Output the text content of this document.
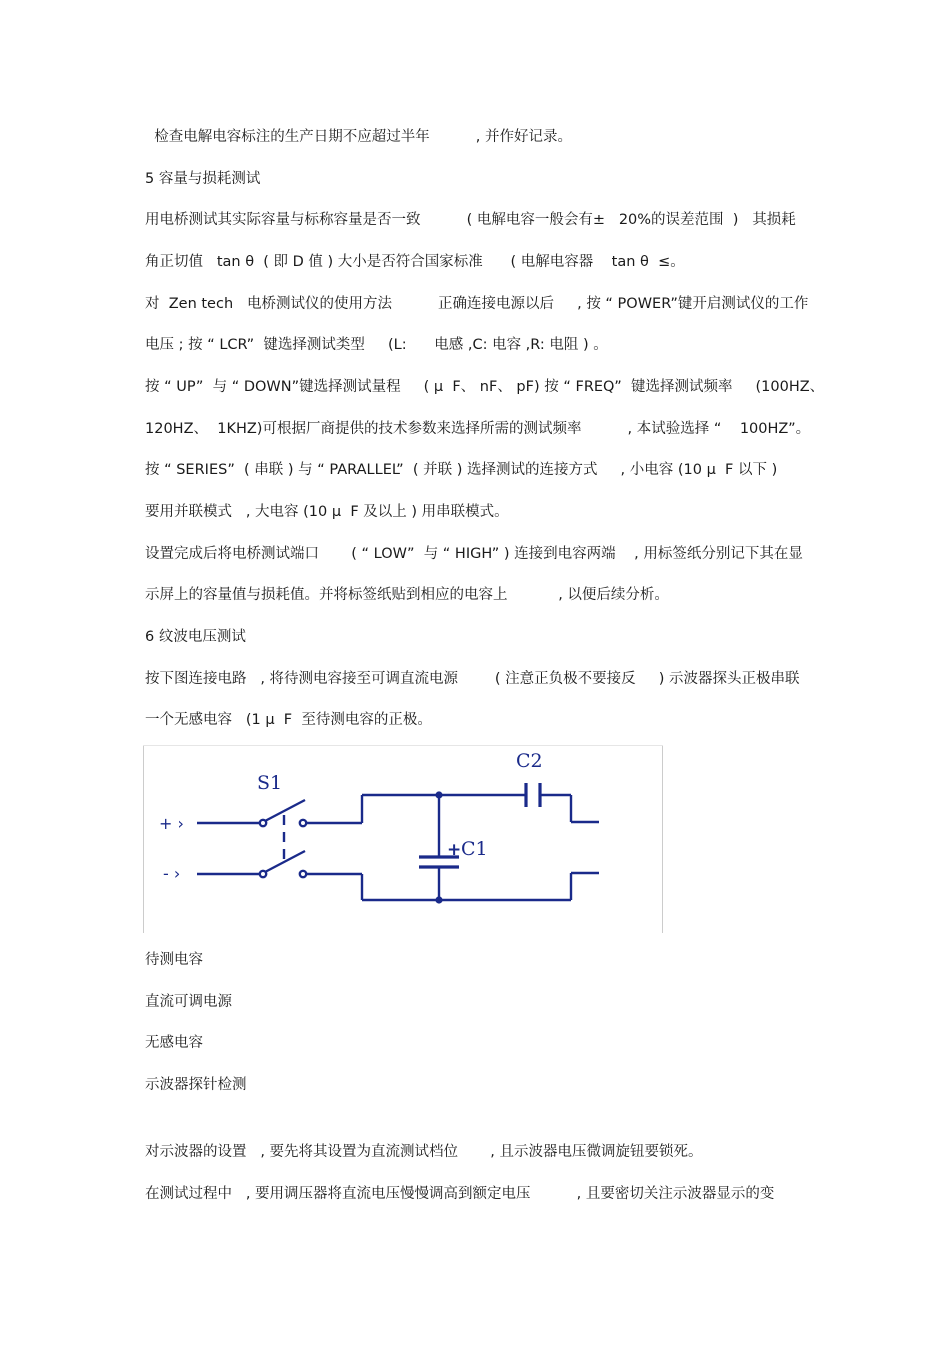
检查电解电容标注的生产日期不应超过半年          , 并作好记录。
5 容量与损耗测试
用电桥测试其实际容量与标称容量是否一致          ( 电解电容一般会有±   20%的误差范围  )   其损耗
角正切值   tan θ  ( 即 D 值 ) 大小是否符合国家标准      ( 电解电容器    tan θ  ≤。
对  Zen tech   电桥测试仪的使用方法          正确连接电源以后     , 按 “ POWER”键开启测试仪的工作
电压 ; 按 “ LCR”  键选择测试类型     (L:      电感 ,C: 电容 ,R: 电阻 ) 。
按 “ UP”  与 “ DOWN”键选择测试量程     ( μ  F、 nF、 pF) 按 “ FREQ”  键选择测试频率     (100HZ、
120HZ、  1KHZ)可根据厂商提供的技术参数来选择所需的测试频率          , 本试验选择 “    100HZ”。
按 “ SERIES”  ( 串联 ) 与 “ PARALLEL”  ( 并联 ) 选择测试的连接方式     , 小电容 (10 μ  F 以下 )
要用并联模式   , 大电容 (10 μ  F 及以上 ) 用串联模式。
设置完成后将电桥测试端口       ( “ LOW”  与 “ HIGH” ) 连接到电容两端    , 用标签纸分别记下其在显
示屏上的容量值与损耗值。并将标签纸贴到相应的电容上           , 以便后续分析。
6 纹波电压测试
按下图连接电路   , 将待测电容接至可调直流电源        ( 注意正负极不要接反     ) 示波器探头正极串联
一个无感电容   (1 μ  F  至待测电容的正极。
S1
C2
+ C1
+ ›
- ›
待测电容
直流可调电源
无感电容
示波器探针检测
对示波器的设置   , 要先将其设置为直流测试档位       , 且示波器电压微调旋钮要锁死。
在测试过程中   , 要用调压器将直流电压慢慢调高到额定电压          , 且要密切关注示波器显示的变
